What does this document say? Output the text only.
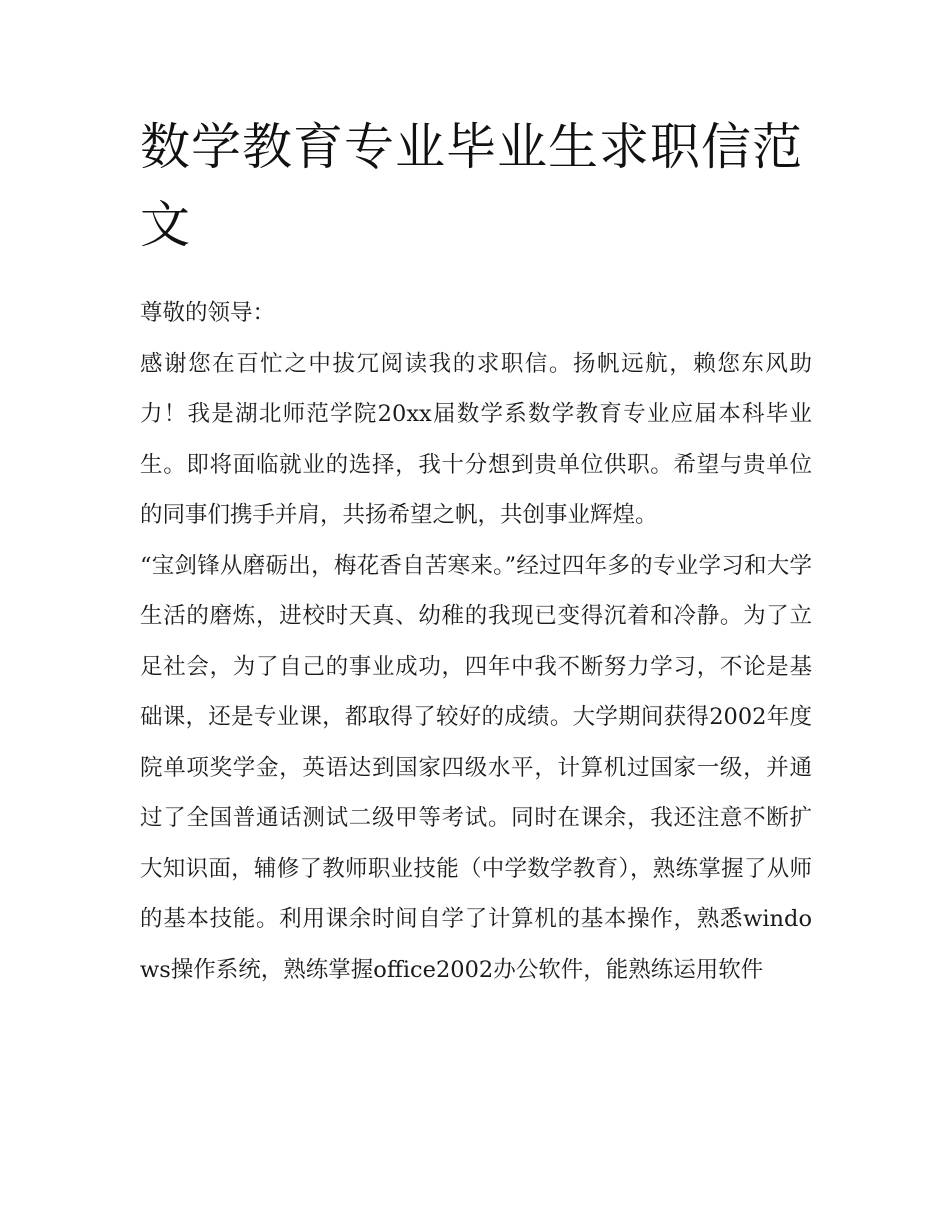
数学教育专业毕业生求职信范文

尊敬的领导：

感谢您在百忙之中拔冗阅读我的求职信。扬帆远航，赖您东风助力！我是湖北师范学院20xx届数学系数学教育专业应届本科毕业生。即将面临就业的选择，我十分想到贵单位供职。希望与贵单位的同事们携手并肩，共扬希望之帆，共创事业辉煌。

“宝剑锋从磨砺出，梅花香自苦寒来。”经过四年多的专业学习和大学生活的磨炼，进校时天真、幼稚的我现已变得沉着和冷静。为了立足社会，为了自己的事业成功，四年中我不断努力学习，不论是基础课，还是专业课，都取得了较好的成绩。大学期间获得2002年度院单项奖学金，英语达到国家四级水平，计算机过国家一级，并通过了全国普通话测试二级甲等考试。同时在课余，我还注意不断扩大知识面，辅修了教师职业技能（中学数学教育），熟练掌握了从师的基本技能。利用课余时间自学了计算机的基本操作，熟悉windows操作系统，熟练掌握office2002办公软件，能熟练运用软件
